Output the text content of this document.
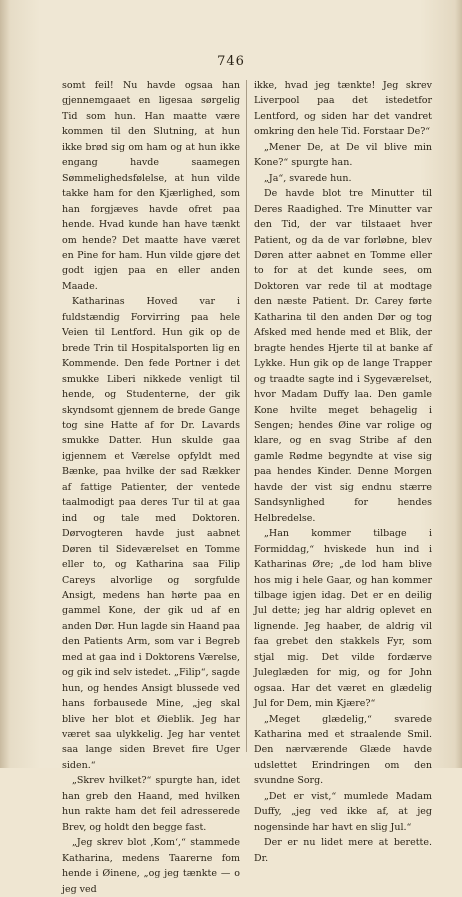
746

somt feil! Nu havde ogsaa han gjennemgaaet en ligesaa sørgelig Tid som hun. Han maatte være kommen til den Slutning, at hun ikke brød sig om ham og at hun ikke engang havde saamegen Sømmelighedsfølelse, at hun vilde takke ham for den Kjærlighed, som han forgjæves havde ofret paa hende. Hvad kunde han have tænkt om hende? Det maatte have været en Pine for ham. Hun vilde gjøre det godt igjen paa en eller anden Maade.

Katharinas Hoved var i fuldstændig Forvirring paa hele Veien til Lentford. Hun gik op de brede Trin til Hospitalsporten lig en Kommende. Den fede Portner i det smukke Liberi nikkede venligt til hende, og Studenterne, der gik skyndsomt gjennem de brede Gange tog sine Hatte af for Dr. Lavards smukke Datter. Hun skulde gaa igjennem et Værelse opfyldt med Bænke, paa hvilke der sad Rækker af fattige Patienter, der ventede taalmodigt paa deres Tur til at gaa ind og tale med Doktoren. Dørvogteren havde just aabnet Døren til Sideværelset en Tomme eller to, og Katharina saa Filip Careys alvorlige og sorgfulde Ansigt, medens han hørte paa en gammel Kone, der gik ud af en anden Dør. Hun lagde sin Haand paa den Patients Arm, som var i Begreb med at gaa ind i Doktorens Værelse, og gik ind selv istedet. „Filip“, sagde hun, og hendes Ansigt blussede ved hans forbausede Mine, „jeg skal blive her blot et Øieblik. Jeg har været saa ulykkelig. Jeg har ventet saa lange siden Brevet fire Uger siden.“

„Skrev hvilket?“ spurgte han, idet han greb den Haand, med hvilken hun rakte ham det feil adresserede Brev, og holdt den begge fast.

„Jeg skrev blot ‚Kom‘,“ stammede Katharina, medens Taarerne fom hende i Øinene, „og jeg tænkte — o jeg ved

ikke, hvad jeg tænkte! Jeg skrev Liverpool paa det istedetfor Lentford, og siden har det vandret omkring den hele Tid. Forstaar De?“

„Mener De, at De vil blive min Kone?“ spurgte han.

„Ja“, svarede hun.

De havde blot tre Minutter til Deres Raadighed. Tre Minutter var den Tid, der var tilstaaet hver Patient, og da de var forløbne, blev Døren atter aabnet en Tomme eller to for at det kunde sees, om Doktoren var rede til at modtage den næste Patient. Dr. Carey førte Katharina til den anden Dør og tog Afsked med hende med et Blik, der bragte hendes Hjerte til at banke af Lykke. Hun gik op de lange Trapper og traadte sagte ind i Sygeværelset, hvor Madam Duffy laa. Den gamle Kone hvilte meget behagelig i Sengen; hendes Øine var rolige og klare, og en svag Stribe af den gamle Rødme begyndte at vise sig paa hendes Kinder. Denne Morgen havde der vist sig endnu stærre Sandsynlighed for hendes Helbredelse.

„Han kommer tilbage i Formiddag,“ hviskede hun ind i Katharinas Øre; „de lod ham blive hos mig i hele Gaar, og han kommer tilbage igjen idag. Det er en deilig Jul dette; jeg har aldrig oplevet en lignende. Jeg haaber, de aldrig vil faa grebet den stakkels Fyr, som stjal mig. Det vilde fordærve Juleglæden for mig, og for John ogsaa. Har det været en glædelig Jul for Dem, min Kjære?“

„Meget glædelig,“ svarede Katharina med et straalende Smil. Den nærværende Glæde havde udslettet Erindringen om den svundne Sorg.

„Det er vist,“ mumlede Madam Duffy, „jeg ved ikke af, at jeg nogensinde har havt en slig Jul.“

Der er nu lidet mere at berette. Dr.
